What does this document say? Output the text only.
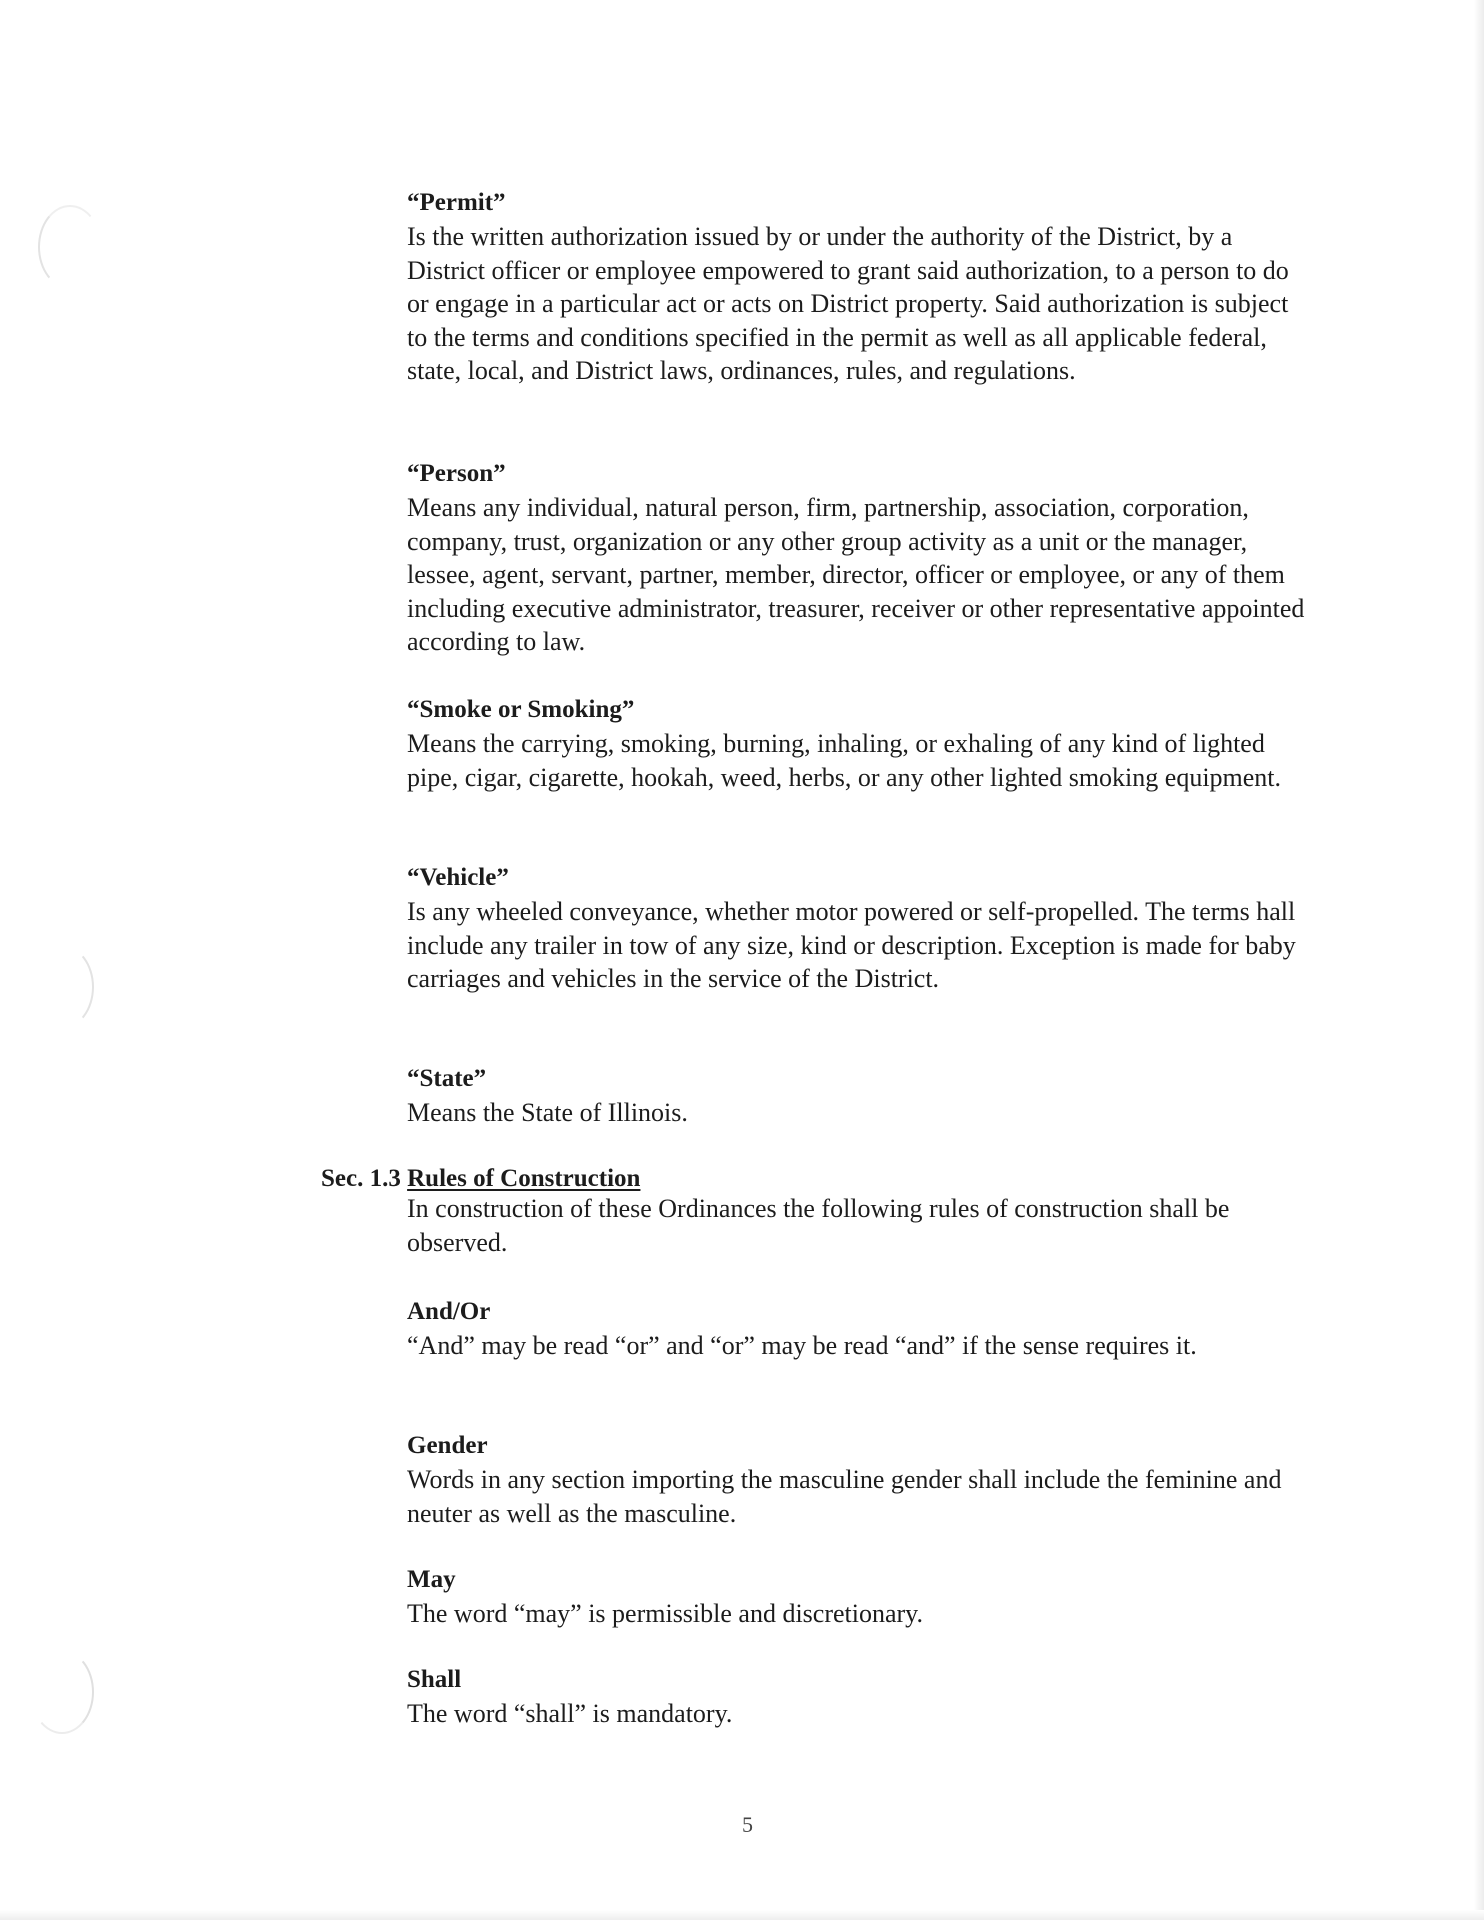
“Permit”

Is the written authorization issued by or under the authority of the District, by a District officer or employee empowered to grant said authorization, to a person to do or engage in a particular act or acts on District property. Said authorization is subject to the terms and conditions specified in the permit as well as all applicable federal, state, local, and District laws, ordinances, rules, and regulations.

“Person”

Means any individual, natural person, firm, partnership, association, corporation, company, trust, organization or any other group activity as a unit or the manager, lessee, agent, servant, partner, member, director, officer or employee, or any of them including executive administrator, treasurer, receiver or other representative appointed according to law.

“Smoke or Smoking”

Means the carrying, smoking, burning, inhaling, or exhaling of any kind of lighted pipe, cigar, cigarette, hookah, weed, herbs, or any other lighted smoking equipment.

“Vehicle”

Is any wheeled conveyance, whether motor powered or self-propelled. The terms hall include any trailer in tow of any size, kind or description. Exception is made for baby carriages and vehicles in the service of the District.

“State”

Means the State of Illinois.

Sec. 1.3 Rules of Construction

In construction of these Ordinances the following rules of construction shall be observed.

And/Or

“And” may be read “or” and “or” may be read “and” if the sense requires it.

Gender

Words in any section importing the masculine gender shall include the feminine and neuter as well as the masculine.

May

The word “may” is permissible and discretionary.

Shall

The word “shall” is mandatory.

5
